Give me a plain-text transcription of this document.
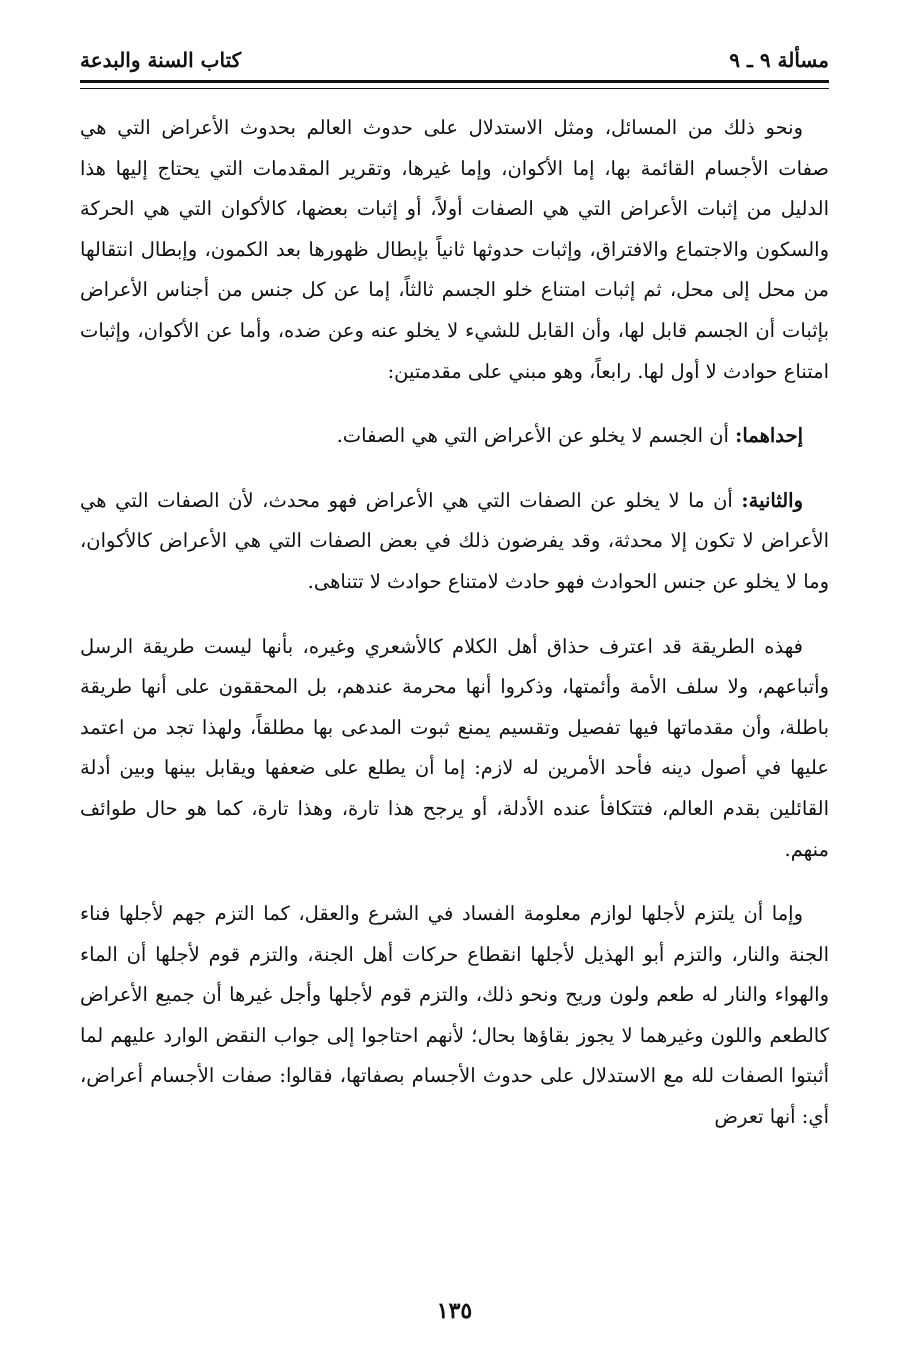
مسألة ٩ ـ ٩
كتاب السنة والبدعة

ونحو ذلك من المسائل، ومثل الاستدلال على حدوث العالم بحدوث الأعراض التي هي صفات الأجسام القائمة بها، إما الأكوان، وإما غيرها، وتقرير المقدمات التي يحتاج إليها هذا الدليل من إثبات الأعراض التي هي الصفات أولاً، أو إثبات بعضها، كالأكوان التي هي الحركة والسكون والاجتماع والافتراق، وإثبات حدوثها ثانياً بإبطال ظهورها بعد الكمون، وإبطال انتقالها من محل إلى محل، ثم إثبات امتناع خلو الجسم ثالثاً، إما عن كل جنس من أجناس الأعراض بإثبات أن الجسم قابل لها، وأن القابل للشيء لا يخلو عنه وعن ضده، وأما عن الأكوان، وإثبات امتناع حوادث لا أول لها. رابعاً، وهو مبني على مقدمتين:

إحداهما: أن الجسم لا يخلو عن الأعراض التي هي الصفات.

والثانية: أن ما لا يخلو عن الصفات التي هي الأعراض فهو محدث، لأن الصفات التي هي الأعراض لا تكون إلا محدثة، وقد يفرضون ذلك في بعض الصفات التي هي الأعراض كالأكوان، وما لا يخلو عن جنس الحوادث فهو حادث لامتناع حوادث لا تتناهى.

فهذه الطريقة قد اعترف حذاق أهل الكلام كالأشعري وغيره، بأنها ليست طريقة الرسل وأتباعهم، ولا سلف الأمة وأئمتها، وذكروا أنها محرمة عندهم، بل المحققون على أنها طريقة باطلة، وأن مقدماتها فيها تفصيل وتقسيم يمنع ثبوت المدعى بها مطلقاً، ولهذا تجد من اعتمد عليها في أصول دينه فأحد الأمرين له لازم: إما أن يطلع على ضعفها ويقابل بينها وبين أدلة القائلين بقدم العالم، فتتكافأ عنده الأدلة، أو يرجح هذا تارة، وهذا تارة، كما هو حال طوائف منهم.

وإما أن يلتزم لأجلها لوازم معلومة الفساد في الشرع والعقل، كما التزم جهم لأجلها فناء الجنة والنار، والتزم أبو الهذيل لأجلها انقطاع حركات أهل الجنة، والتزم قوم لأجلها أن الماء والهواء والنار له طعم ولون وريح ونحو ذلك، والتزم قوم لأجلها وأجل غيرها أن جميع الأعراض كالطعم واللون وغيرهما لا يجوز بقاؤها بحال؛ لأنهم احتاجوا إلى جواب النقض الوارد عليهم لما أثبتوا الصفات لله مع الاستدلال على حدوث الأجسام بصفاتها، فقالوا: صفات الأجسام أعراض، أي: أنها تعرض

١٣٥
